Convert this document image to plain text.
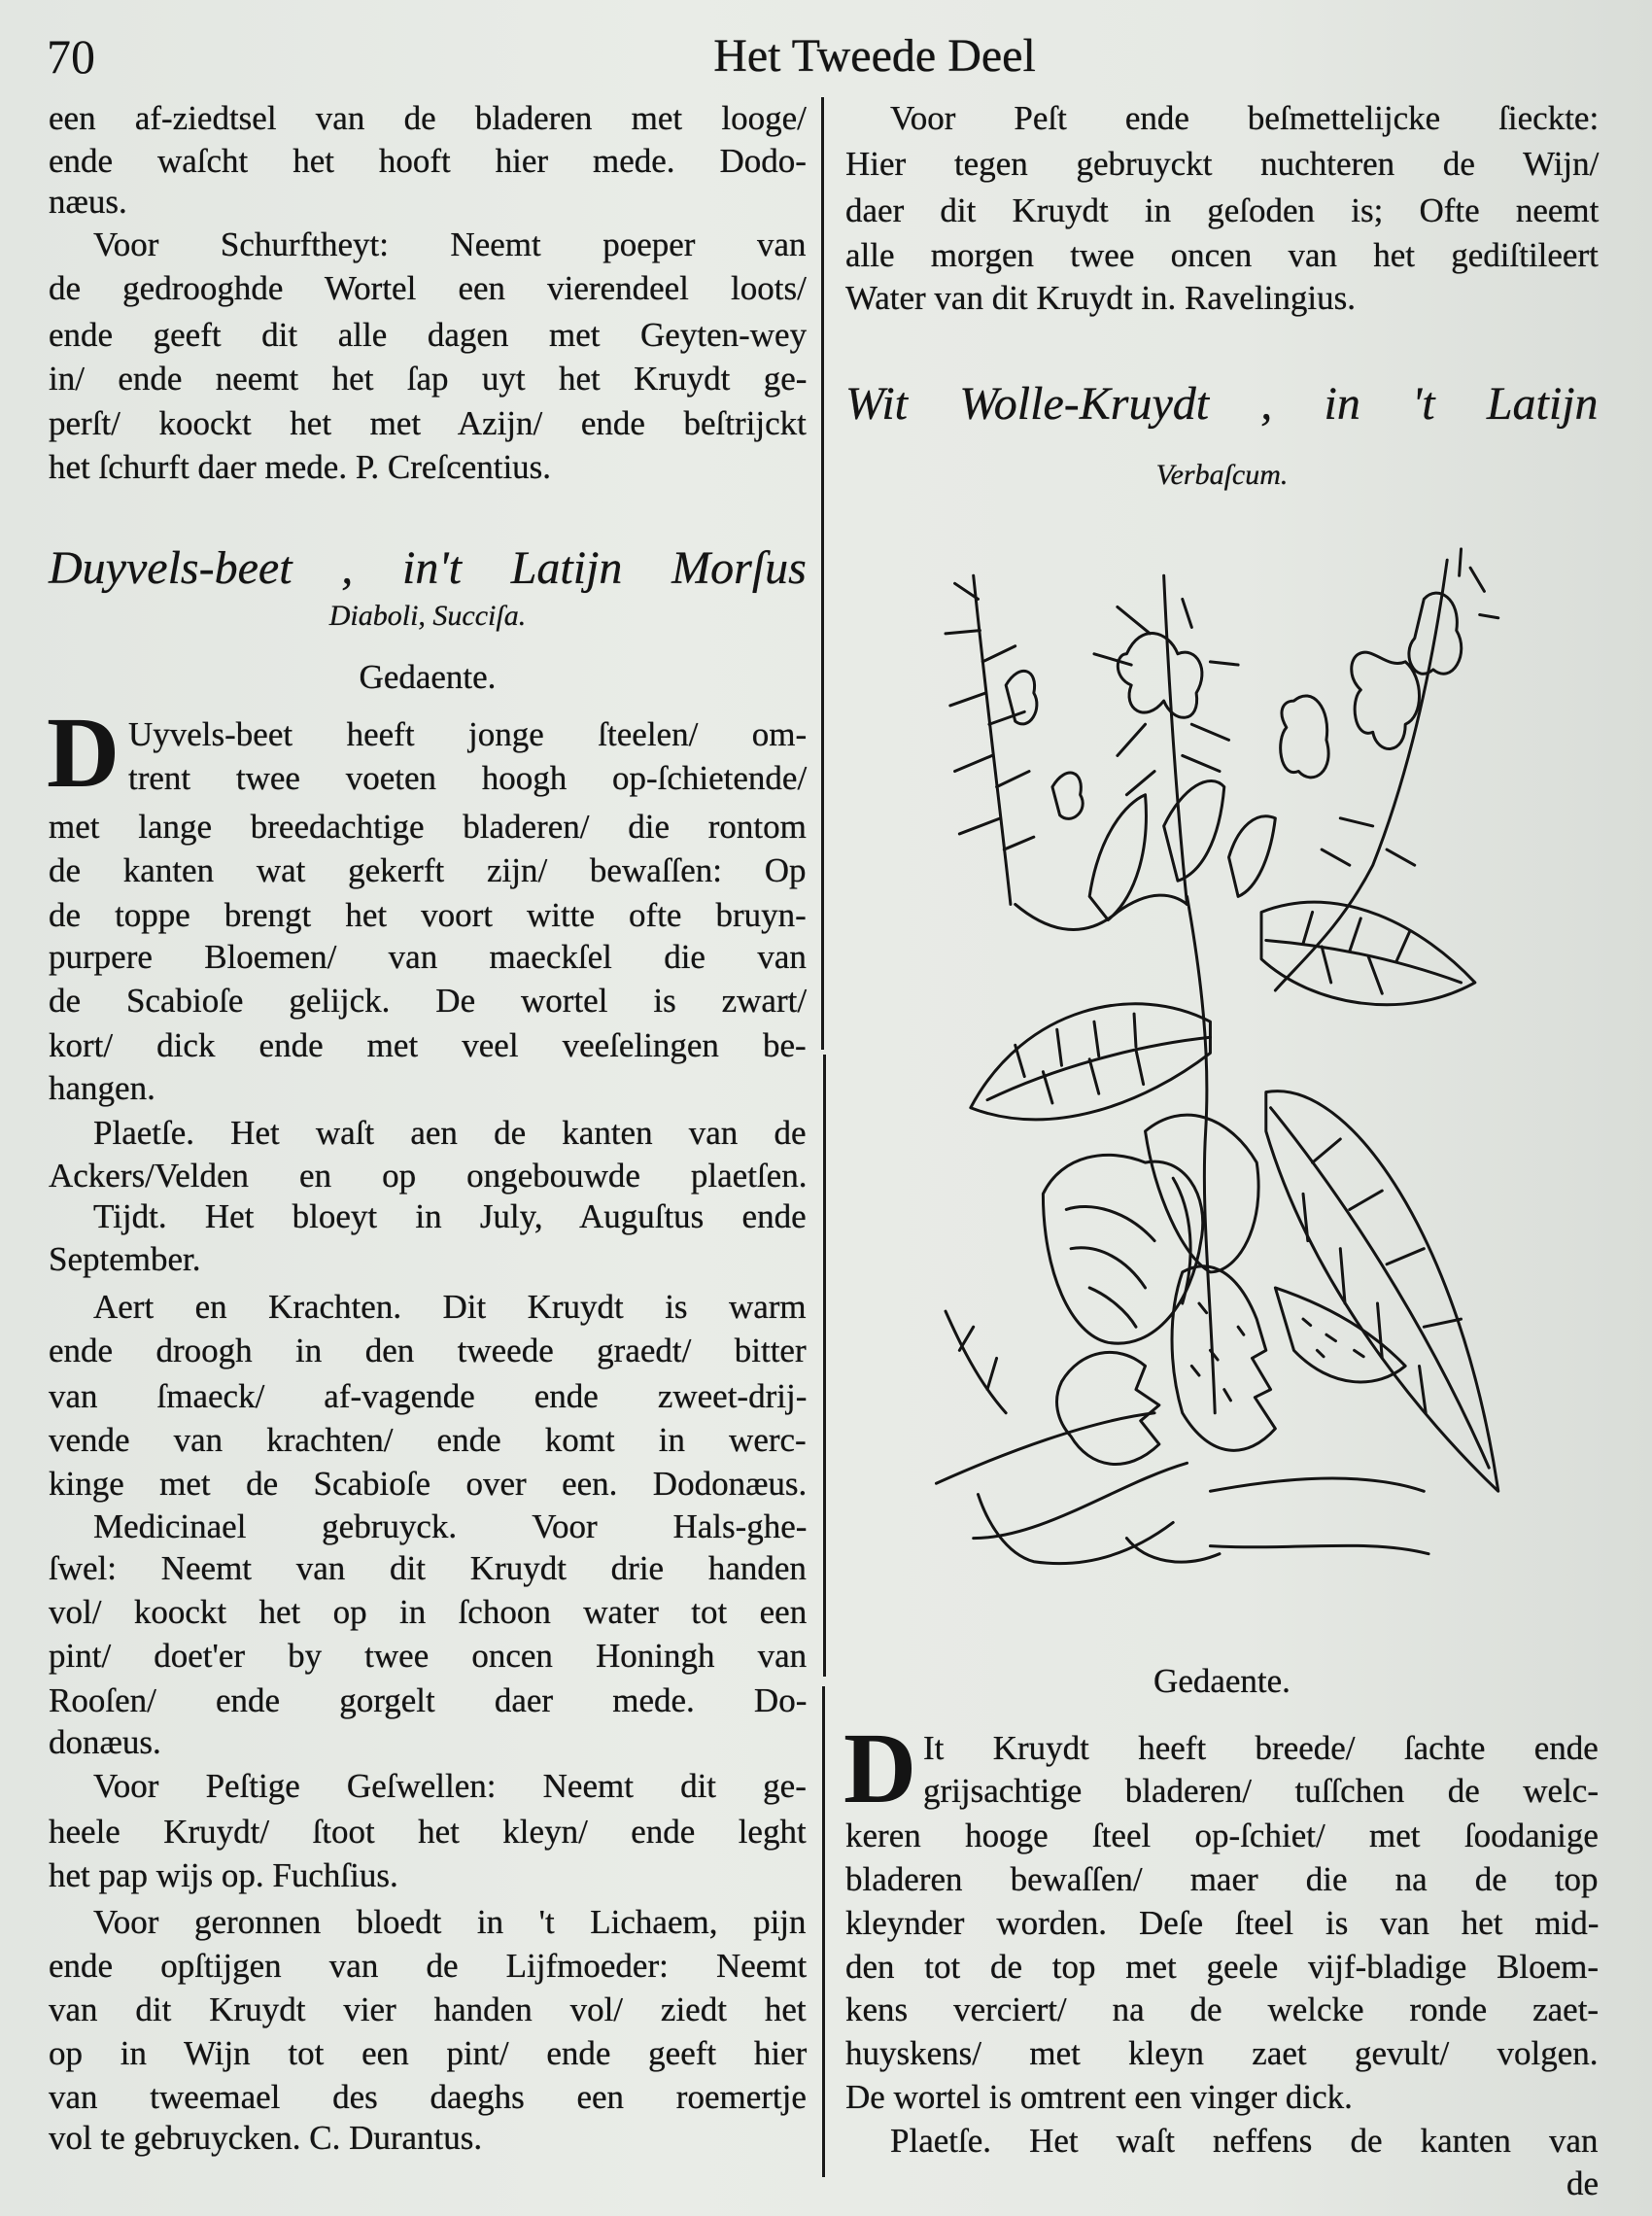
70	Het Tweede Deel
D
een af-ziedtsel van de bladeren met looge/
ende waſcht het hooft hier mede. Dodo-
næus.
Voor Schurftheyt: Neemt poeper van
de gedrooghde Wortel een vierendeel loots/
ende geeft dit alle dagen met Geyten-wey
in/ ende neemt het ſap uyt het Kruydt ge-
perſt/ koockt het met Azijn/ ende beſtrijckt
het ſchurft daer mede. P. Creſcentius.
Duyvels-beet , in't Latijn Morſus
Diaboli, Succiſa.
Gedaente.
Uyvels-beet heeft jonge ſteelen/ om-
trent twee voeten hoogh op-ſchietende/
met lange breedachtige bladeren/ die rontom
de kanten wat gekerft zijn/ bewaſſen: Op
de toppe brengt het voort witte ofte bruyn-
purpere Bloemen/ van maeckſel die van
de Scabioſe gelijck. De wortel is zwart/
kort/ dick ende met veel veeſelingen be-
hangen.
Plaetſe. Het waſt aen de kanten van de
Ackers/Velden en op ongebouwde plaetſen.
Tijdt. Het bloeyt in July, Auguſtus ende
September.
Aert en Krachten. Dit Kruydt is warm
ende droogh in den tweede graedt/ bitter
van ſmaeck/ af-vagende ende zweet-drij-
vende van krachten/ ende komt in werc-
kinge met de Scabioſe over een. Dodonæus.
Medicinael gebruyck. Voor Hals-ghe-
ſwel: Neemt van dit Kruydt drie handen
vol/ koockt het op in ſchoon water tot een
pint/ doet'er by twee oncen Honingh van
Rooſen/ ende gorgelt daer mede. Do-
donæus.
Voor Peſtige Geſwellen: Neemt dit ge-
heele Kruydt/ ſtoot het kleyn/ ende leght
het pap wijs op. Fuchſius.
Voor geronnen bloedt in 't Lichaem, pijn
ende opſtijgen van de Lijfmoeder: Neemt
van dit Kruydt vier handen vol/ ziedt het
op in Wijn tot een pint/ ende geeft hier
van tweemael des daeghs een roemertje
vol te gebruycken. C. Durantus.
D
Voor Peſt ende beſmettelijcke ſieckte:
Hier tegen gebruyckt nuchteren de Wijn/
daer dit Kruydt in geſoden is; Ofte neemt
alle morgen twee oncen van het gediſtileert
Water van dit Kruydt in. Ravelingius.
Wit Wolle-Kruydt , in 't Latijn
Verbaſcum.
Gedaente.
It Kruydt heeft breede/ ſachte ende
grijsachtige bladeren/ tuſſchen de welc-
keren hooge ſteel op-ſchiet/ met ſoodanige
bladeren bewaſſen/ maer die na de top
kleynder worden. Deſe ſteel is van het mid-
den tot de top met geele vijf-bladige Bloem-
kens verciert/ na de welcke ronde zaet-
huyskens/ met kleyn zaet gevult/ volgen.
De wortel is omtrent een vinger dick.
Plaetſe. Het waſt neffens de kanten van
de
